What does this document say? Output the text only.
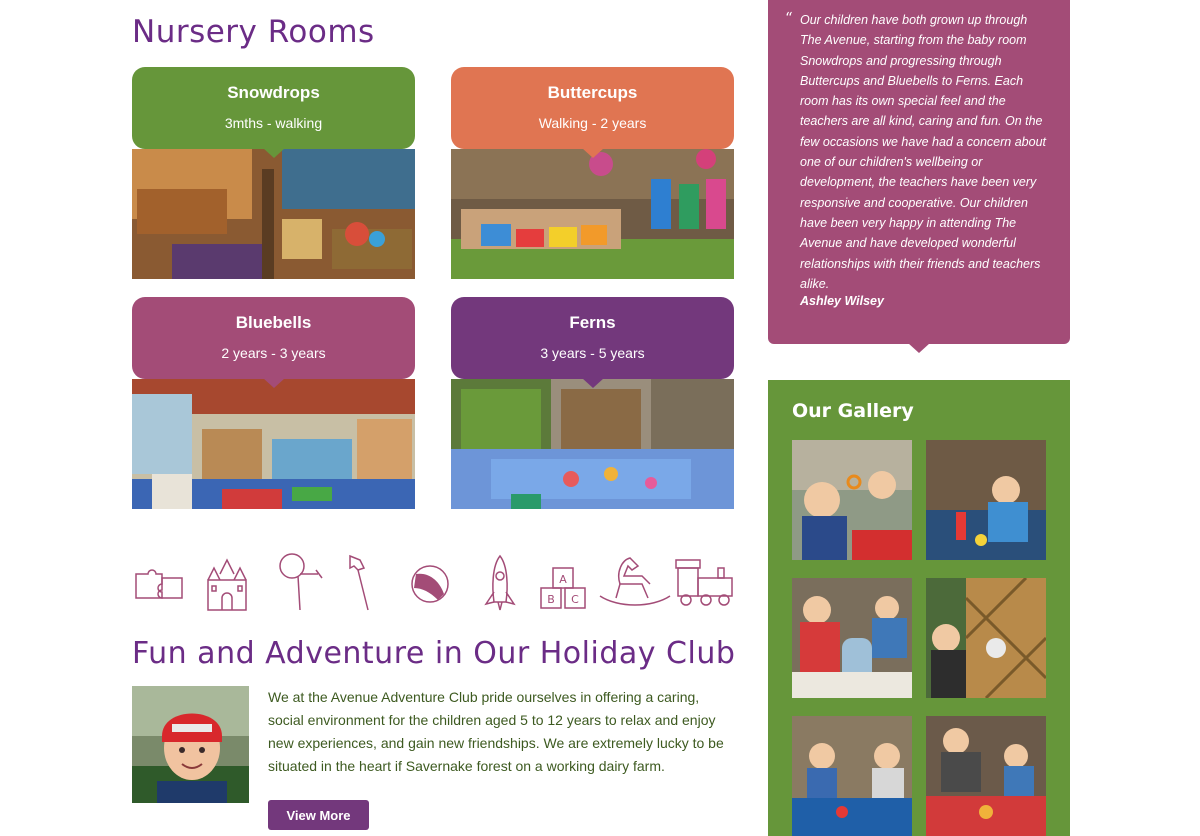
Nursery Rooms
Snowdrops
3mths - walking
Buttercups
Walking - 2 years
Bluebells
2 years - 3 years
Ferns
3 years - 5 years
A
B C
Fun and Adventure in Our Holiday Club

We at the Avenue Adventure Club pride ourselves in offering a caring, social environment for the children aged 5 to 12 years to relax and enjoy new experiences, and gain new friendships. We are extremely lucky to be situated in the heart if Savernake forest on a working dairy farm.

View More
“ Our children have both grown up through The Avenue, starting from the baby room Snowdrops and progressing through Buttercups and Bluebells to Ferns. Each room has its own special feel and the teachers are all kind, caring and fun. On the few occasions we have had a concern about one of our children's wellbeing or development, the teachers have been very responsive and cooperative. Our children have been very happy in attending The Avenue and have developed wonderful relationships with their friends and teachers alike.

Ashley Wilsey
Our Gallery
